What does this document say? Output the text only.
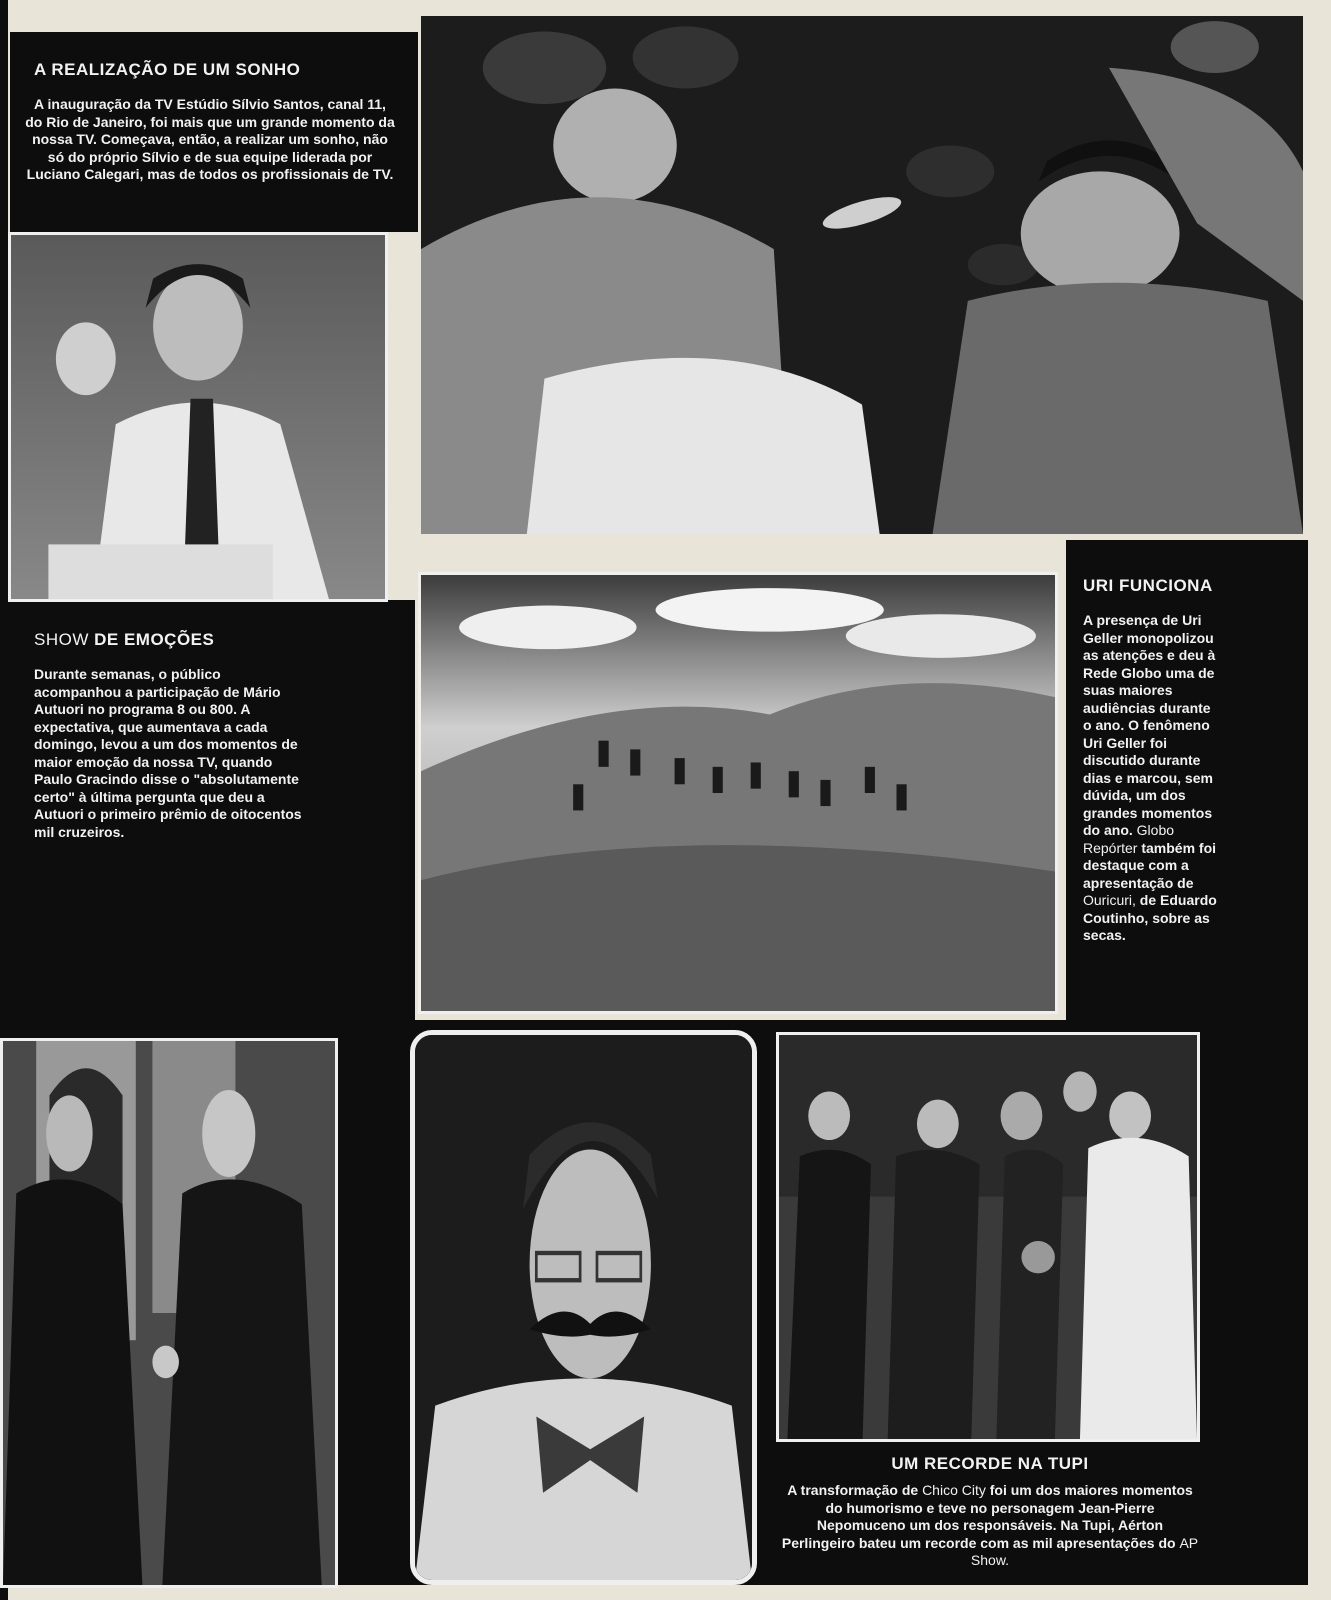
A REALIZAÇÃO DE UM SONHO
A inauguração da TV Estúdio Sílvio Santos, canal 11, do Rio de Janeiro, foi mais que um grande momento da nossa TV. Começava, então, a realizar um sonho, não só do próprio Sílvio e de sua equipe liderada por Luciano Calegari, mas de todos os profissionais de TV.
SHOW DE EMOÇÕES
Durante semanas, o público acompanhou a participação de Mário Autuori no programa 8 ou 800. A expectativa, que aumentava a cada domingo, levou a um dos momentos de maior emoção da nossa TV, quando Paulo Gracindo disse o "absolutamente certo" à última pergunta que deu a Autuori o primeiro prêmio de oitocentos mil cruzeiros.
URI FUNCIONA
A presença de Uri Geller monopolizou as atenções e deu à Rede Globo uma de suas maiores audiências durante o ano. O fenômeno Uri Geller foi discutido durante dias e marcou, sem dúvida, um dos grandes momentos do ano. Globo Repórter também foi destaque com a apresentação de Ouricuri, de Eduardo Coutinho, sobre as secas.
UM RECORDE NA TUPI
A transformação de Chico City foi um dos maiores momentos do humorismo e teve no personagem Jean-Pierre Nepomuceno um dos responsáveis. Na Tupi, Aérton Perlingeiro bateu um recorde com as mil apresentações do AP Show.
